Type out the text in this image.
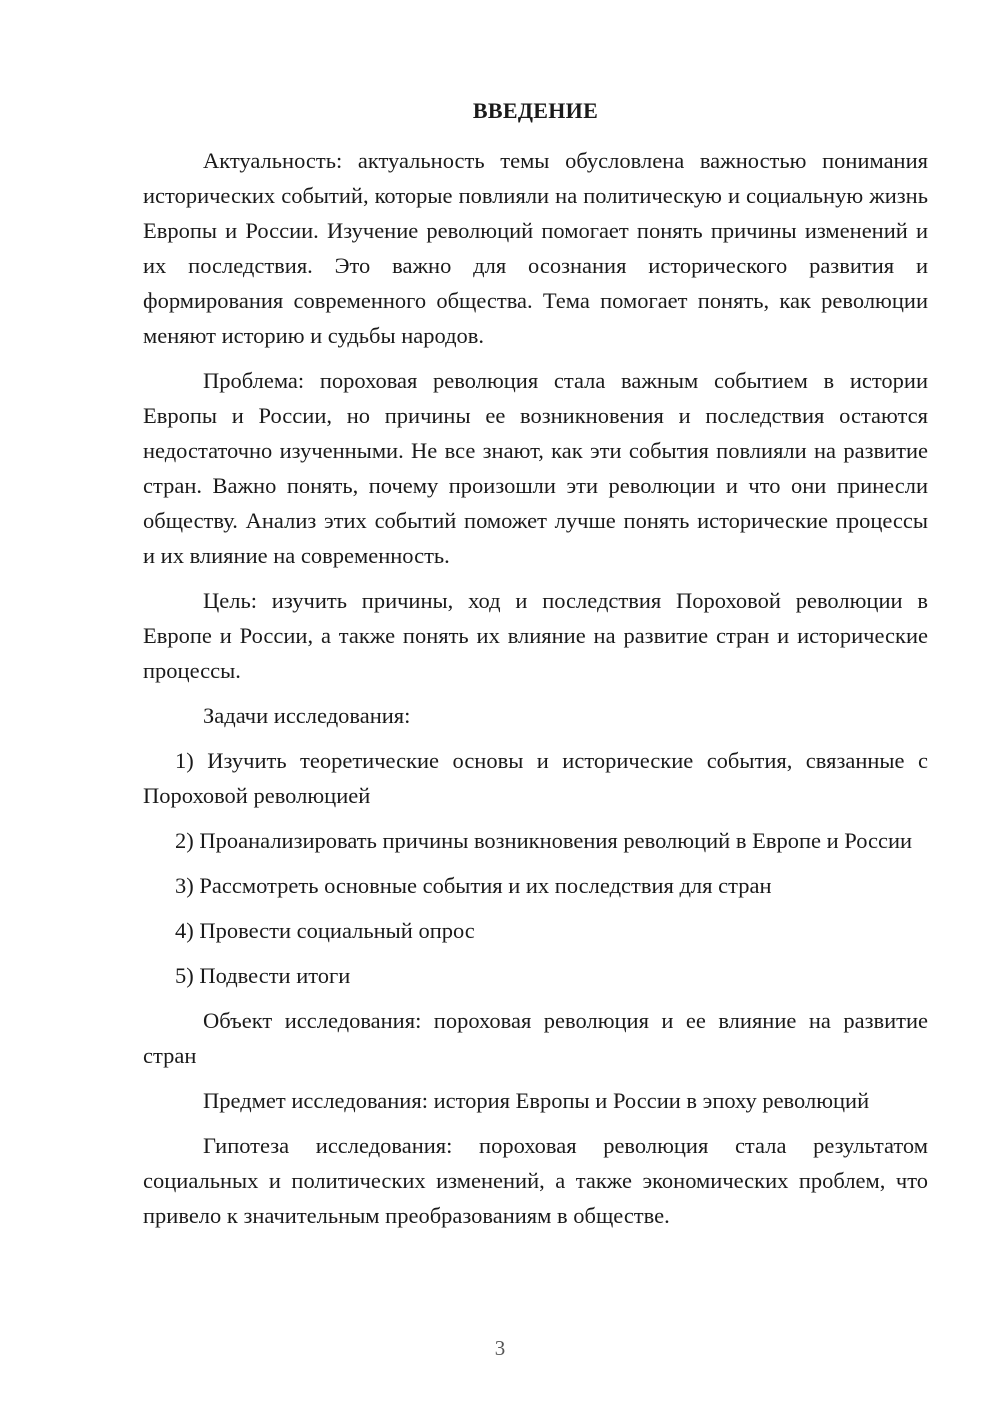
ВВЕДЕНИЕ

Актуальность: актуальность темы обусловлена важностью понимания исторических событий, которые повлияли на политическую и социальную жизнь Европы и России. Изучение революций помогает понять причины изменений и их последствия. Это важно для осознания исторического развития и формирования современного общества. Тема помогает понять, как революции меняют историю и судьбы народов.

Проблема: пороховая революция стала важным событием в истории Европы и России, но причины ее возникновения и последствия остаются недостаточно изученными. Не все знают, как эти события повлияли на развитие стран. Важно понять, почему произошли эти революции и что они принесли обществу. Анализ этих событий поможет лучше понять исторические процессы и их влияние на современность.

Цель: изучить причины, ход и последствия Пороховой революции в Европе и России, а также понять их влияние на развитие стран и исторические процессы.

Задачи исследования:

1) Изучить теоретические основы и исторические события, связанные с Пороховой революцией

2) Проанализировать причины возникновения революций в Европе и России

3) Рассмотреть основные события и их последствия для стран

4) Провести социальный опрос

5) Подвести итоги

Объект исследования: пороховая революция и ее влияние на развитие стран

Предмет исследования: история Европы и России в эпоху революций

Гипотеза исследования: пороховая революция стала результатом социальных и политических изменений, а также экономических проблем, что привело к значительным преобразованиям в обществе.

3
